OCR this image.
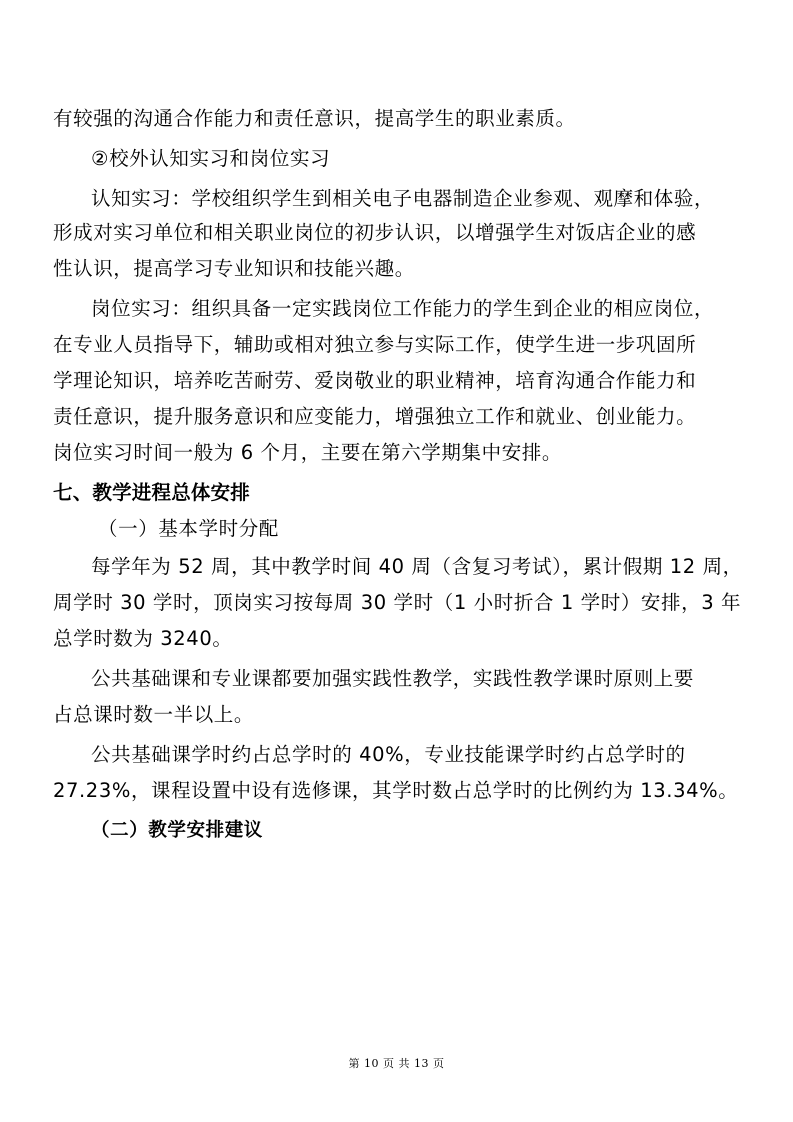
有较强的沟通合作能力和责任意识，提高学生的职业素质。
②校外认知实习和岗位实习
认知实习：学校组织学生到相关电子电器制造企业参观、观摩和体验，
形成对实习单位和相关职业岗位的初步认识，以增强学生对饭店企业的感
性认识，提高学习专业知识和技能兴趣。
岗位实习：组织具备一定实践岗位工作能力的学生到企业的相应岗位，
在专业人员指导下，辅助或相对独立参与实际工作，使学生进一步巩固所
学理论知识，培养吃苦耐劳、爱岗敬业的职业精神，培育沟通合作能力和
责任意识，提升服务意识和应变能力，增强独立工作和就业、创业能力。
岗位实习时间一般为 6 个月，主要在第六学期集中安排。
七、教学进程总体安排
（一）基本学时分配
每学年为 52 周，其中教学时间 40 周（含复习考试），累计假期 12 周，
周学时 30 学时，顶岗实习按每周 30 学时（1 小时折合 1 学时）安排，3 年
总学时数为 3240。
公共基础课和专业课都要加强实践性教学，实践性教学课时原则上要
占总课时数一半以上。
公共基础课学时约占总学时的 40%，专业技能课学时约占总学时的
27.23%，课程设置中设有选修课，其学时数占总学时的比例约为 13.34%。
（二）教学安排建议
第 10 页 共 13 页
